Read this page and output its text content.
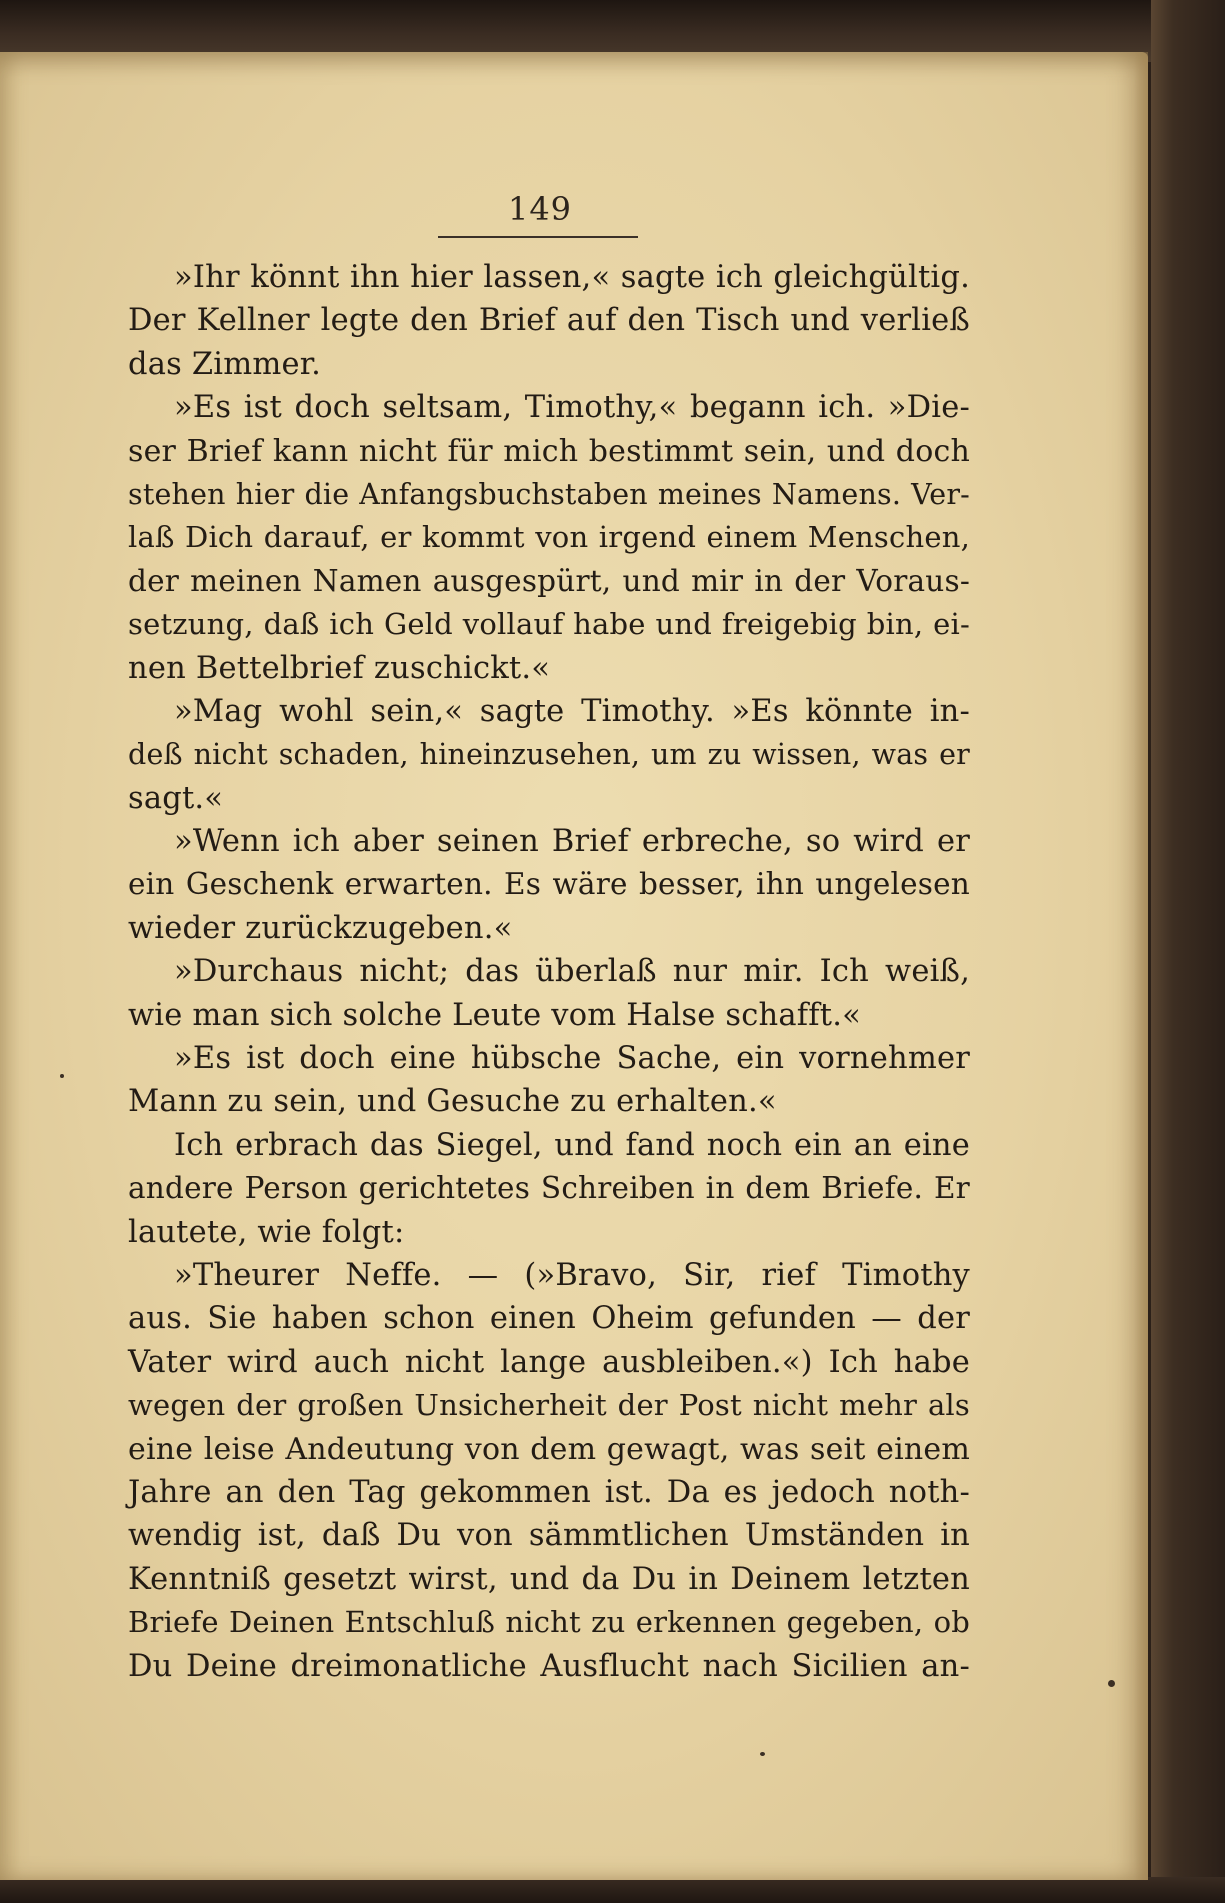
149
»Ihr könnt ihn hier lassen,« sagte ich gleichgültig.
Der Kellner legte den Brief auf den Tisch und verließ
das Zimmer.
»Es ist doch seltsam, Timothy,« begann ich. »Die-
ser Brief kann nicht für mich bestimmt sein, und doch
stehen hier die Anfangsbuchstaben meines Namens. Ver-
laß Dich darauf, er kommt von irgend einem Menschen,
der meinen Namen ausgespürt, und mir in der Voraus-
setzung, daß ich Geld vollauf habe und freigebig bin, ei-
nen Bettelbrief zuschickt.«
»Mag wohl sein,« sagte Timothy. »Es könnte in-
deß nicht schaden, hineinzusehen, um zu wissen, was er
sagt.«
»Wenn ich aber seinen Brief erbreche, so wird er
ein Geschenk erwarten. Es wäre besser, ihn ungelesen
wieder zurückzugeben.«
»Durchaus nicht; das überlaß nur mir. Ich weiß,
wie man sich solche Leute vom Halse schafft.«
»Es ist doch eine hübsche Sache, ein vornehmer
Mann zu sein, und Gesuche zu erhalten.«
Ich erbrach das Siegel, und fand noch ein an eine
andere Person gerichtetes Schreiben in dem Briefe. Er
lautete, wie folgt:
»Theurer Neffe. — (»Bravo, Sir, rief Timothy
aus. Sie haben schon einen Oheim gefunden — der
Vater wird auch nicht lange ausbleiben.«) Ich habe
wegen der großen Unsicherheit der Post nicht mehr als
eine leise Andeutung von dem gewagt, was seit einem
Jahre an den Tag gekommen ist. Da es jedoch noth-
wendig ist, daß Du von sämmtlichen Umständen in
Kenntniß gesetzt wirst, und da Du in Deinem letzten
Briefe Deinen Entschluß nicht zu erkennen gegeben, ob
Du Deine dreimonatliche Ausflucht nach Sicilien an-
